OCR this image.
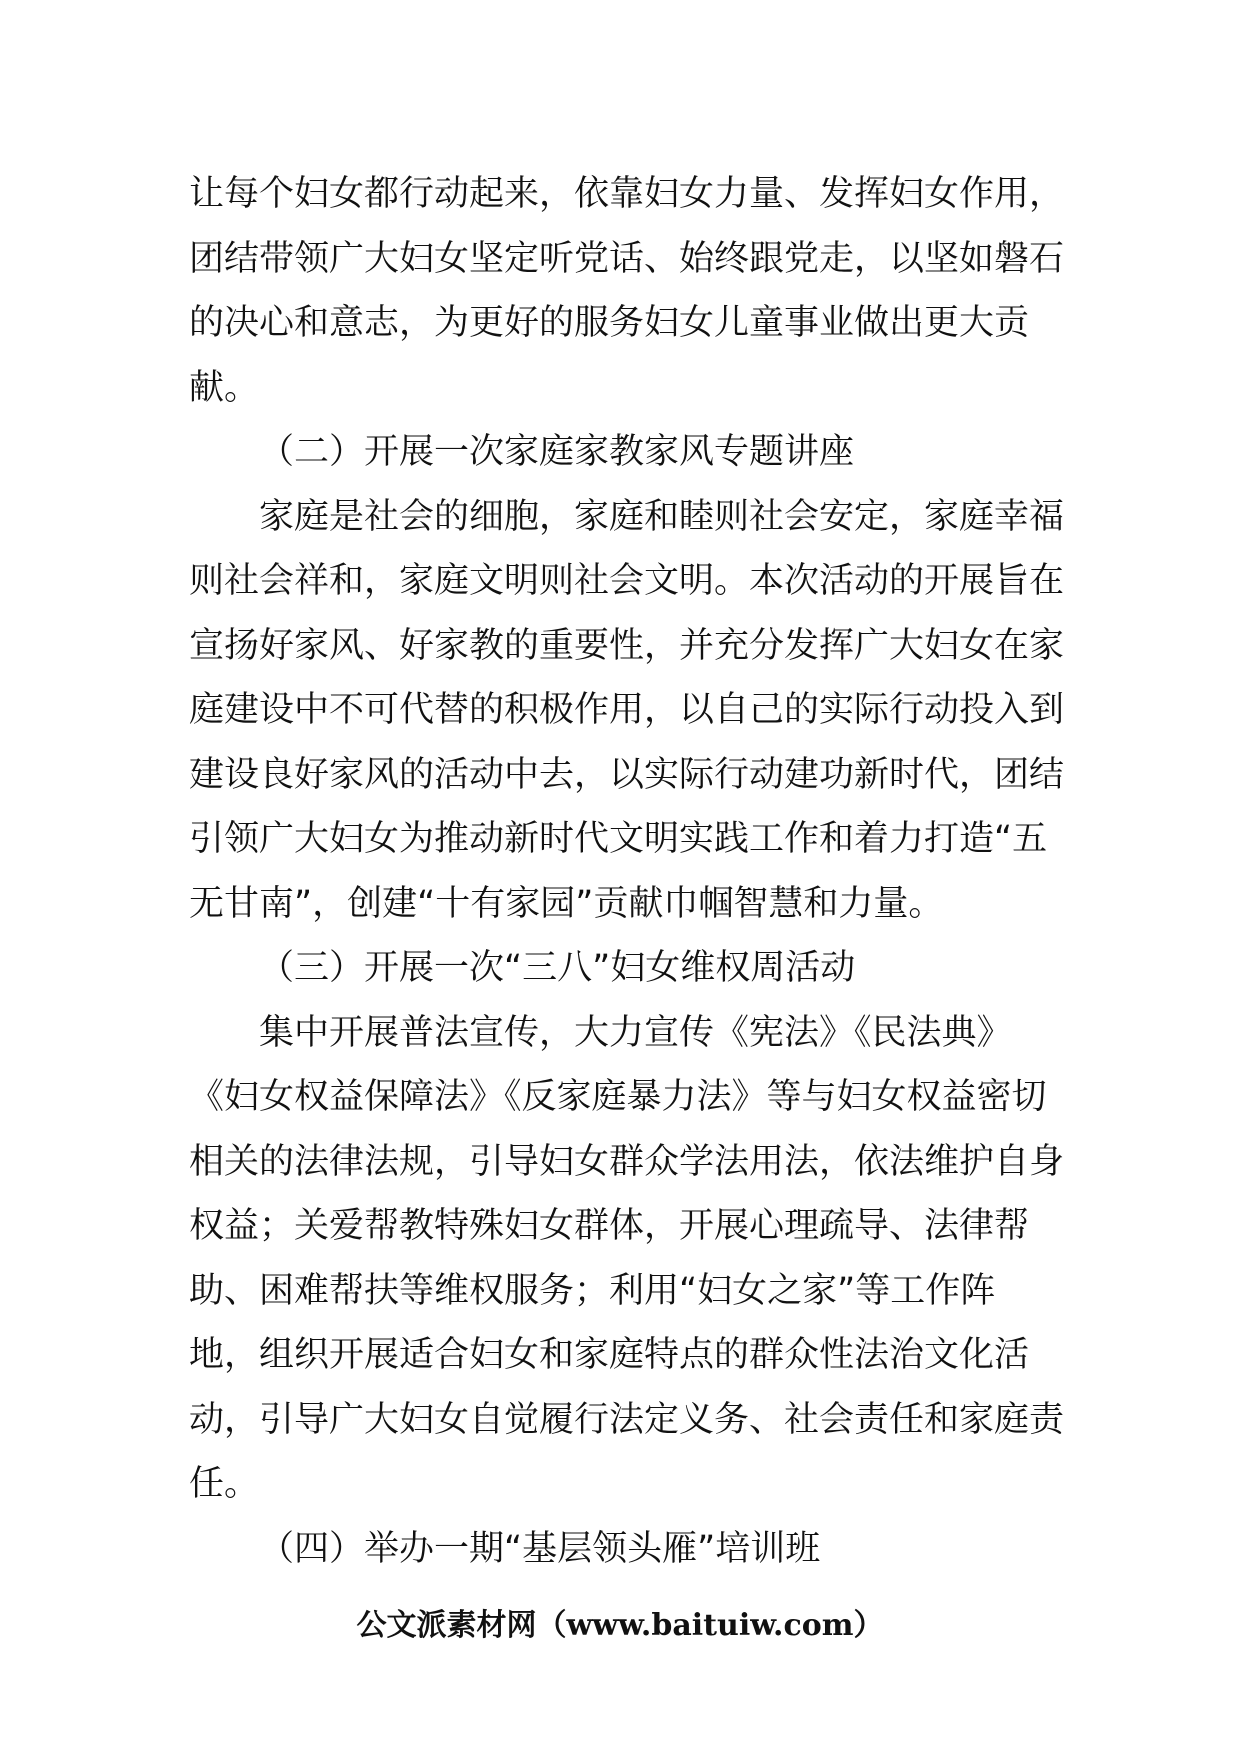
让每个妇女都行动起来，依靠妇女力量、发挥妇女作用，

团结带领广大妇女坚定听党话、始终跟党走，以坚如磐石

的决心和意志，为更好的服务妇女儿童事业做出更大贡

献。

（二）开展一次家庭家教家风专题讲座

家庭是社会的细胞，家庭和睦则社会安定，家庭幸福

则社会祥和，家庭文明则社会文明。本次活动的开展旨在

宣扬好家风、好家教的重要性，并充分发挥广大妇女在家

庭建设中不可代替的积极作用，以自己的实际行动投入到

建设良好家风的活动中去，以实际行动建功新时代，团结

引领广大妇女为推动新时代文明实践工作和着力打造“五

无甘南”，创建“十有家园”贡献巾帼智慧和力量。

（三）开展一次“三八”妇女维权周活动

集中开展普法宣传，大力宣传《宪法》《民法典》

《妇女权益保障法》《反家庭暴力法》等与妇女权益密切

相关的法律法规，引导妇女群众学法用法，依法维护自身

权益；关爱帮教特殊妇女群体，开展心理疏导、法律帮

助、困难帮扶等维权服务；利用“妇女之家”等工作阵

地，组织开展适合妇女和家庭特点的群众性法治文化活

动，引导广大妇女自觉履行法定义务、社会责任和家庭责

任。

（四）举办一期“基层领头雁”培训班

公文派素材网（www.baituiw.com）
